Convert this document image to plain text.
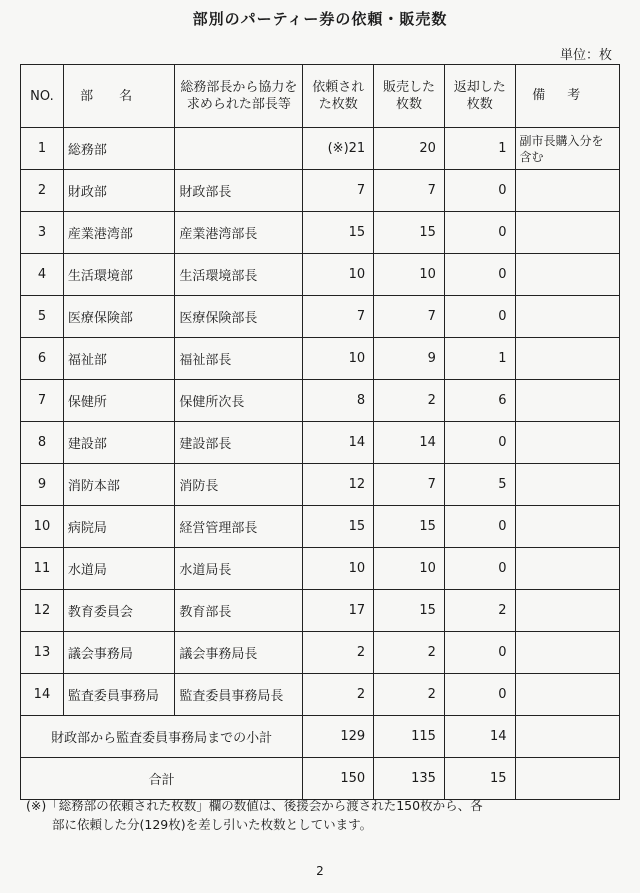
部別のパーティー券の依頼・販売数
単位：枚
NO.	部名	総務部長から協力を求められた部長等	依頼された枚数	販売した枚数	返却した枚数	備考
1	総務部		(※)21	20	1	副市長購入分を含む
2	財政部	財政部長	7	7	0	
3	産業港湾部	産業港湾部長	15	15	0	
4	生活環境部	生活環境部長	10	10	0	
5	医療保険部	医療保険部長	7	7	0	
6	福祉部	福祉部長	10	9	1	
7	保健所	保健所次長	8	2	6	
8	建設部	建設部長	14	14	0	
9	消防本部	消防長	12	7	5	
10	病院局	経営管理部長	15	15	0	
11	水道局	水道局長	10	10	0	
12	教育委員会	教育部長	17	15	2	
13	議会事務局	議会事務局長	2	2	0	
14	監査委員事務局	監査委員事務局長	2	2	0	
財政部から監査委員事務局までの小計			129	115	14	
合計			150	135	15	
(※)「総務部の依頼された枚数」欄の数値は、後援会から渡された150枚から、各
部に依頼した分(129枚)を差し引いた枚数としています。
2
